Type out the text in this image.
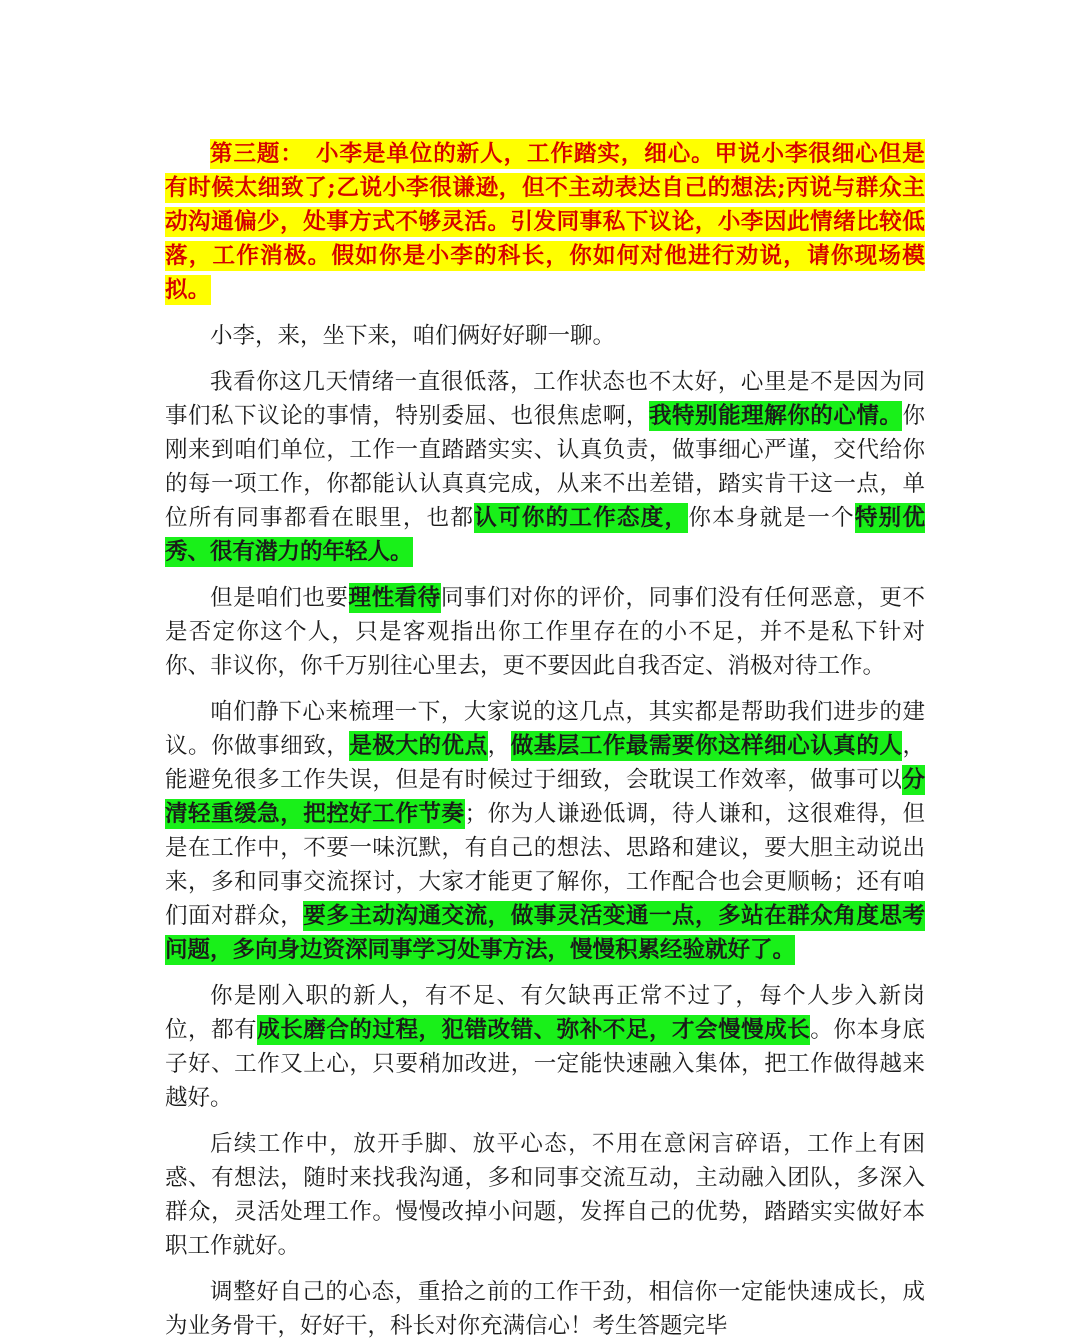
第三题：　小李是单位的新人，工作踏实，细心。甲说小李很细心但是有时候太细致了;乙说小李很谦逊，但不主动表达自己的想法;丙说与群众主动沟通偏少，处事方式不够灵活。引发同事私下议论，小李因此情绪比较低落，工作消极。假如你是小李的科长，你如何对他进行劝说，请你现场模拟。

小李，来，坐下来，咱们俩好好聊一聊。

我看你这几天情绪一直很低落，工作状态也不太好，心里是不是因为同事们私下议论的事情，特别委屈、也很焦虑啊，我特别能理解你的心情。你刚来到咱们单位，工作一直踏踏实实、认真负责，做事细心严谨，交代给你的每一项工作，你都能认认真真完成，从来不出差错，踏实肯干这一点，单位所有同事都看在眼里，也都认可你的工作态度，你本身就是一个特别优秀、很有潜力的年轻人。

但是咱们也要理性看待同事们对你的评价，同事们没有任何恶意，更不是否定你这个人，只是客观指出你工作里存在的小不足，并不是私下针对你、非议你，你千万别往心里去，更不要因此自我否定、消极对待工作。

咱们静下心来梳理一下，大家说的这几点，其实都是帮助我们进步的建议。你做事细致，是极大的优点，做基层工作最需要你这样细心认真的人，能避免很多工作失误，但是有时候过于细致，会耽误工作效率，做事可以分清轻重缓急，把控好工作节奏；你为人谦逊低调，待人谦和，这很难得，但是在工作中，不要一味沉默，有自己的想法、思路和建议，要大胆主动说出来，多和同事交流探讨，大家才能更了解你，工作配合也会更顺畅；还有咱们面对群众，要多主动沟通交流，做事灵活变通一点，多站在群众角度思考问题，多向身边资深同事学习处事方法，慢慢积累经验就好了。

你是刚入职的新人，有不足、有欠缺再正常不过了，每个人步入新岗位，都有成长磨合的过程，犯错改错、弥补不足，才会慢慢成长。你本身底子好、工作又上心，只要稍加改进，一定能快速融入集体，把工作做得越来越好。

后续工作中，放开手脚、放平心态，不用在意闲言碎语，工作上有困惑、有想法，随时来找我沟通，多和同事交流互动，主动融入团队，多深入群众，灵活处理工作。慢慢改掉小问题，发挥自己的优势，踏踏实实做好本职工作就好。

调整好自己的心态，重拾之前的工作干劲，相信你一定能快速成长，成为业务骨干，好好干，科长对你充满信心！考生答题完毕
